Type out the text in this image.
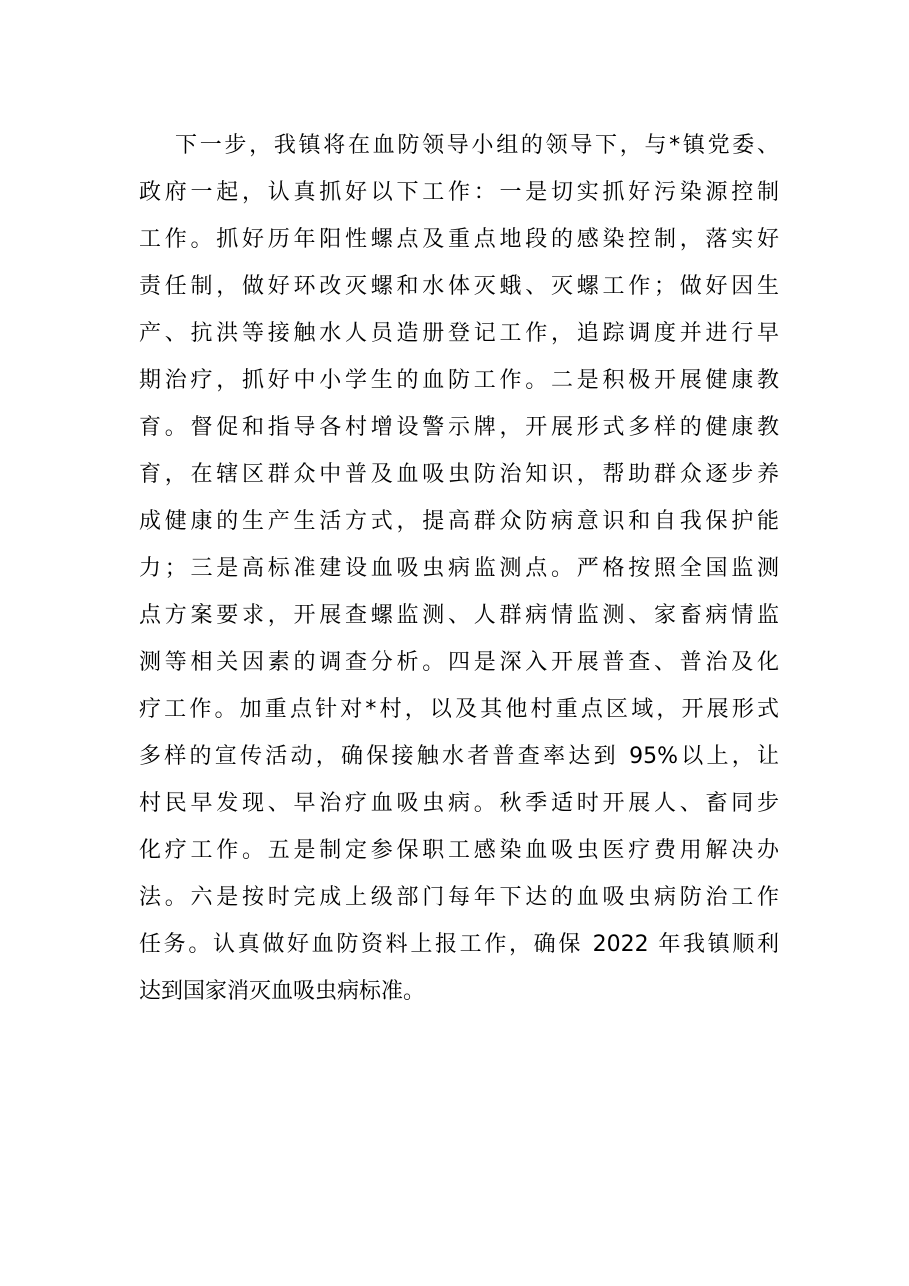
下一步，我镇将在血防领导小组的领导下，与*镇党委、
政府一起，认真抓好以下工作：一是切实抓好污染源控制
工作。抓好历年阳性螺点及重点地段的感染控制，落实好
责任制，做好环改灭螺和水体灭蛾、灭螺工作；做好因生
产、抗洪等接触水人员造册登记工作，追踪调度并进行早
期治疗，抓好中小学生的血防工作。二是积极开展健康教
育。督促和指导各村增设警示牌，开展形式多样的健康教
育，在辖区群众中普及血吸虫防治知识，帮助群众逐步养
成健康的生产生活方式，提高群众防病意识和自我保护能
力；三是高标准建设血吸虫病监测点。严格按照全国监测
点方案要求，开展查螺监测、人群病情监测、家畜病情监
测等相关因素的调查分析。四是深入开展普查、普治及化
疗工作。加重点针对*村，以及其他村重点区域，开展形式
多样的宣传活动，确保接触水者普查率达到 95%以上，让
村民早发现、早治疗血吸虫病。秋季适时开展人、畜同步
化疗工作。五是制定参保职工感染血吸虫医疗费用解决办
法。六是按时完成上级部门每年下达的血吸虫病防治工作
任务。认真做好血防资料上报工作，确保 2022 年我镇顺利
达到国家消灭血吸虫病标准。
